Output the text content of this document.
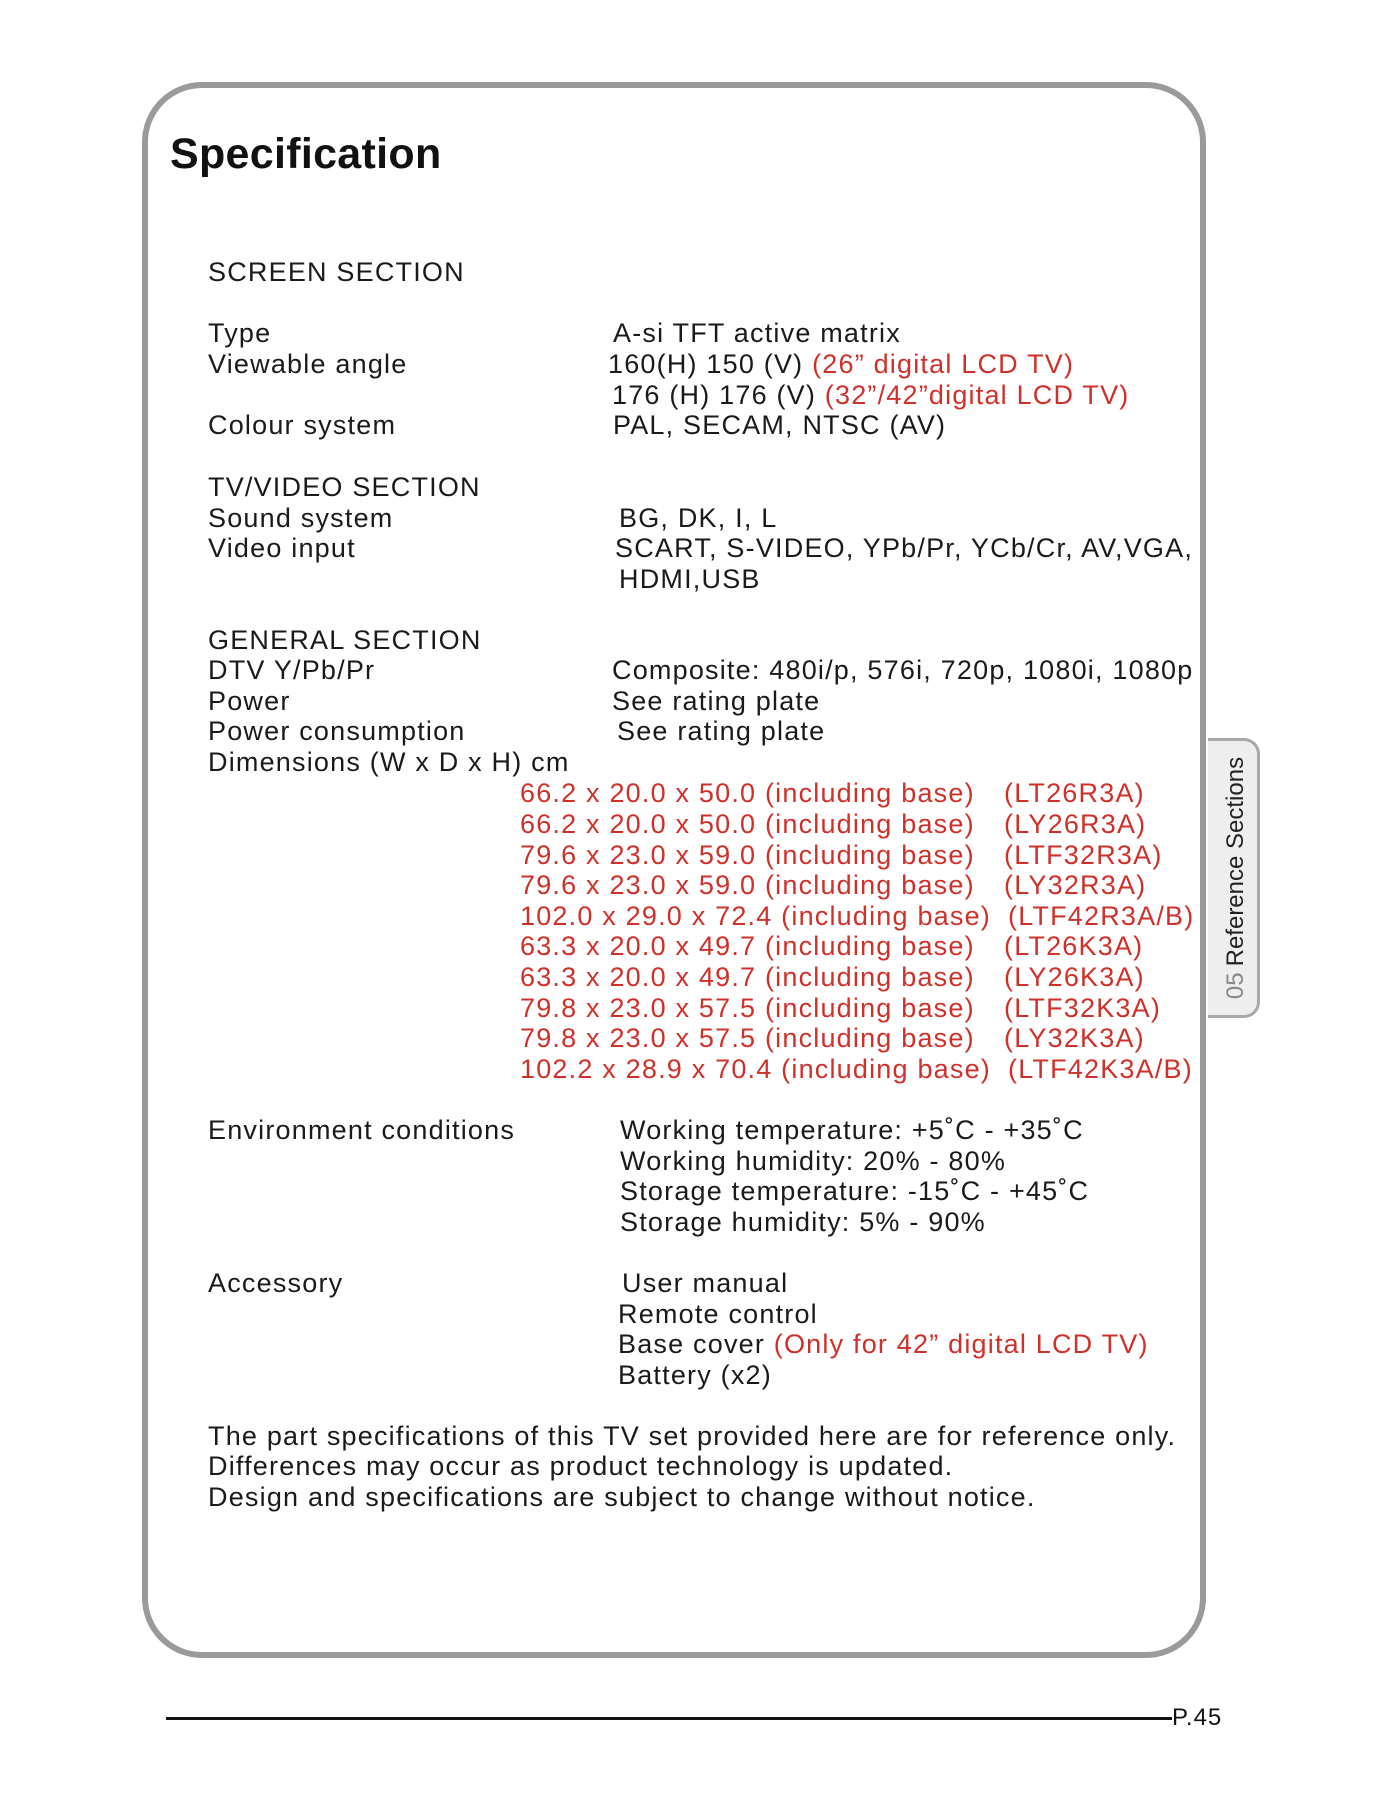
05Reference Sections
Specification
SCREEN SECTION
Type	A-si TFT active matrix
Viewable angle	160(H) 150 (V) (26” digital LCD TV)
176 (H) 176 (V) (32”/42”digital LCD TV)
Colour system	PAL, SECAM, NTSC (AV)
TV/VIDEO SECTION
Sound system	BG, DK, I, L
Video input	SCART, S-VIDEO, YPb/Pr, YCb/Cr, AV,VGA,
HDMI,USB
GENERAL SECTION
DTV Y/Pb/Pr	Composite: 480i/p, 576i, 720p, 1080i, 1080p
Power	See rating plate
Power consumption	See rating plate
Dimensions (W x D x H) cm
66.2 x 20.0 x 50.0 (including base) (LT26R3A)
66.2 x 20.0 x 50.0 (including base) (LY26R3A)
79.6 x 23.0 x 59.0 (including base) (LTF32R3A)
79.6 x 23.0 x 59.0 (including base) (LY32R3A)
102.0 x 29.0 x 72.4 (including base) (LTF42R3A/B)
63.3 x 20.0 x 49.7 (including base) (LT26K3A)
63.3 x 20.0 x 49.7 (including base) (LY26K3A)
79.8 x 23.0 x 57.5 (including base) (LTF32K3A)
79.8 x 23.0 x 57.5 (including base) (LY32K3A)
102.2 x 28.9 x 70.4 (including base) (LTF42K3A/B)
Environment conditions	Working temperature: +5˚C - +35˚C
Working humidity: 20% - 80%
Storage temperature: -15˚C - +45˚C
Storage humidity: 5% - 90%
Accessory	User manual
Remote control
Base cover (Only for 42” digital LCD TV)
Battery (x2)
The part specifications of this TV set provided here are for reference only.
Differences may occur as product technology is updated.
Design and specifications are subject to change without notice.
P.45
